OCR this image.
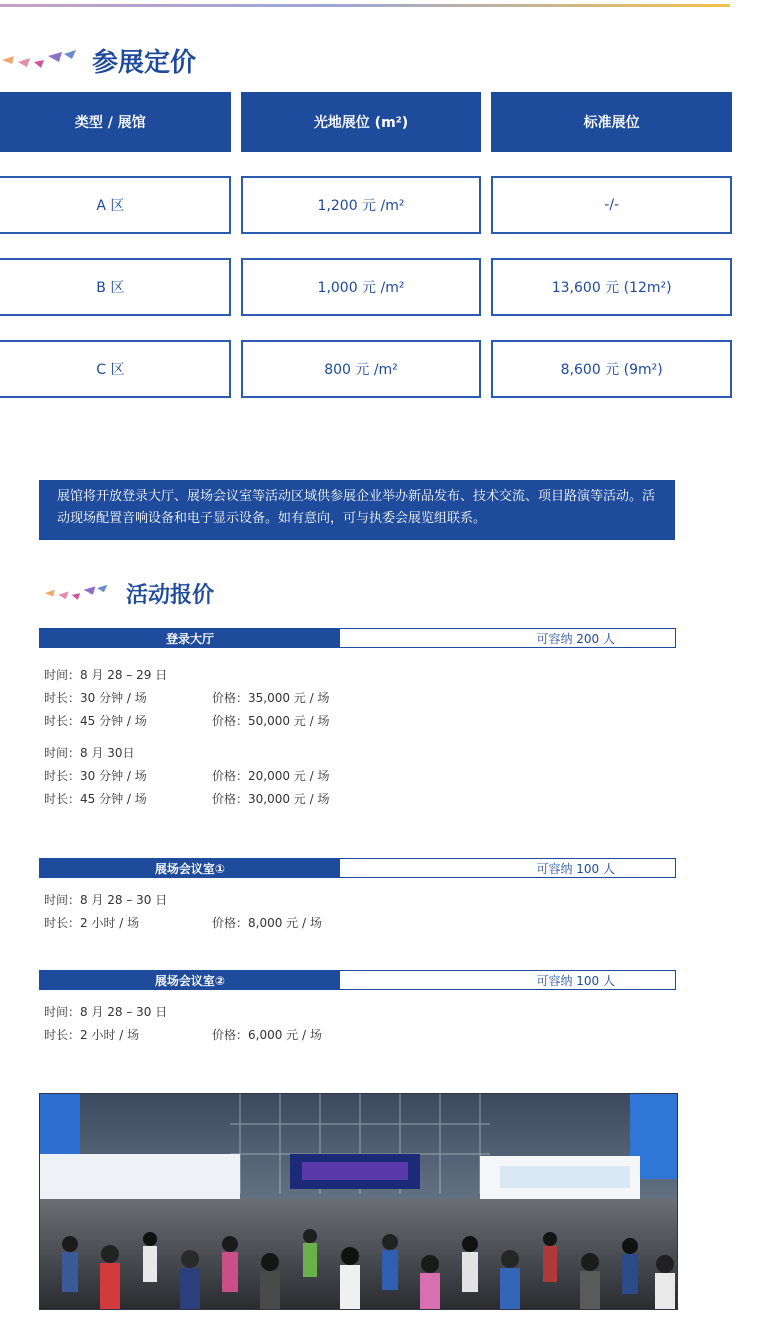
参展定价
类型 / 展馆	光地展位 (m²)	标准展位
A 区	1,200 元 /m²	-/-
B 区	1,000 元 /m²	13,600 元 (12m²)
C 区	800 元 /m²	8,600 元 (9m²)
展馆将开放登录大厅、展场会议室等活动区域供参展企业举办新品发布、技术交流、项目路演等活动。活动现场配置音响设备和电子显示设备。如有意向，可与执委会展览组联系。
活动报价
登录大厅	可容纳 200 人
时间：8 月 28 – 29 日
时长：30 分钟 / 场	价格：35,000 元 / 场
时长：45 分钟 / 场	价格：50,000 元 / 场
时间：8 月 30日
时长：30 分钟 / 场	价格：20,000 元 / 场
时长：45 分钟 / 场	价格：30,000 元 / 场
展场会议室①	可容纳 100 人
时间：8 月 28 – 30 日
时长：2 小时 / 场	价格：8,000 元 / 场
展场会议室②	可容纳 100 人
时间：8 月 28 – 30 日
时长：2 小时 / 场	价格：6,000 元 / 场
